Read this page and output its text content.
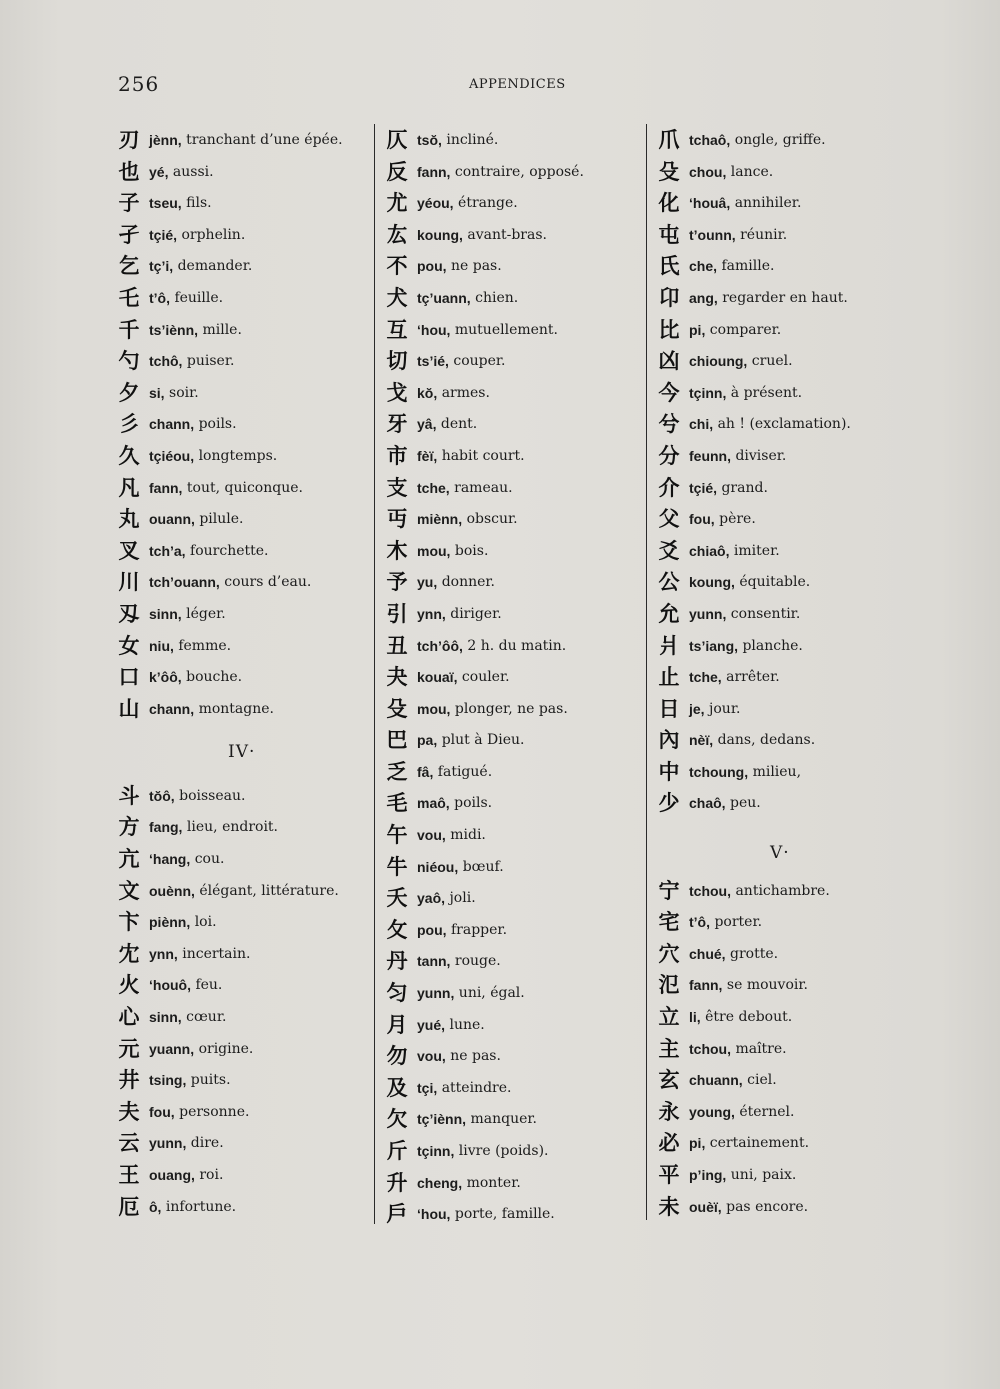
256	APPENDICES
刃 jènn,
tranchant d’une épée.
也 yé,
aussi.
子 tseu,
fils.
孑 tçié,
orphelin.
乞 tç’i,
demander.
乇 t’ô,
feuille.
千 ts’iènn,
mille.
勺 tchô,
puiser.
夕 si,
soir.
彡 chann,
poils.
久 tçiéou,
longtemps.
凡 fann,
tout, quiconque.
丸 ouann,
pilule.
叉 tch’a,
fourchette.
川 tch’ouann,
cours d’eau.
刄 sinn,
léger.
女 niu,
femme.
口 k’ôô,
bouche.
山 chann,
montagne.
IV·
斗 tŏô,
boisseau.
方 fang,
lieu, endroit.
亢 ‘hang,
cou.
文 ouènn,
élégant, littérature.
卞 piènn,
loi.
冘 ynn,
incertain.
火 ‘houô,
feu.
心 sinn,
cœur.
元 yuann,
origine.
井 tsing,
puits.
夫 fou,
personne.
云 yunn,
dire.
王 ouang,
roi.
厄 ô,
infortune.
仄 tsŏ,
incliné.
反 fann,
contraire, opposé.
尤 yéou,
étrange.
厷 koung,
avant-bras.
不 pou,
ne pas.
犬 tç’uann,
chien.
互 ‘hou,
mutuellement.
切 ts’ié,
couper.
戈 kŏ,
armes.
牙 yâ,
dent.
市 fèï,
habit court.
支 tche,
rameau.
丏 miènn,
obscur.
木 mou,
bois.
予 yu,
donner.
引 ynn,
diriger.
丑 tch’ôô,
2 h. du matin.
夬 kouaï,
couler.
殳 mou,
plonger, ne pas.
巴 pa,
plut à Dieu.
乏 fâ,
fatigué.
毛 maô,
poils.
午 vou,
midi.
牛 niéou,
bœuf.
夭 yaô,
joli.
攵 pou,
frapper.
丹 tann,
rouge.
匀 yunn,
uni, égal.
月 yué,
lune.
勿 vou,
ne pas.
及 tçi,
atteindre.
欠 tç’iènn,
manquer.
斤 tçinn,
livre (poids).
升 cheng,
monter.
戶 ‘hou,
porte, famille.
爪 tchaô,
ongle, griffe.
殳 chou,
lance.
化 ‘houâ,
annihiler.
屯 t’ounn,
réunir.
氏 che,
famille.
卬 ang,
regarder en haut.
比 pi,
comparer.
凶 chioung,
cruel.
今 tçinn,
à présent.
兮 chi,
ah ! (exclamation).
分 feunn,
diviser.
介 tçié,
grand.
父 fou,
père.
爻 chiaô,
imiter.
公 koung,
équitable.
允 yunn,
consentir.
爿 ts’iang,
planche.
止 tche,
arrêter.
日 je,
jour.
內 nèï,
dans, dedans.
中 tchoung,
milieu,
少 chaô,
peu.
V·
宁 tchou,
antichambre.
宅 t’ô,
porter.
穴 chué,
grotte.
氾 fann,
se mouvoir.
立 li,
être debout.
主 tchou,
maître.
玄 chuann,
ciel.
永 young,
éternel.
必 pi,
certainement.
平 p’ing,
uni, paix.
未 ouèï,
pas encore.
